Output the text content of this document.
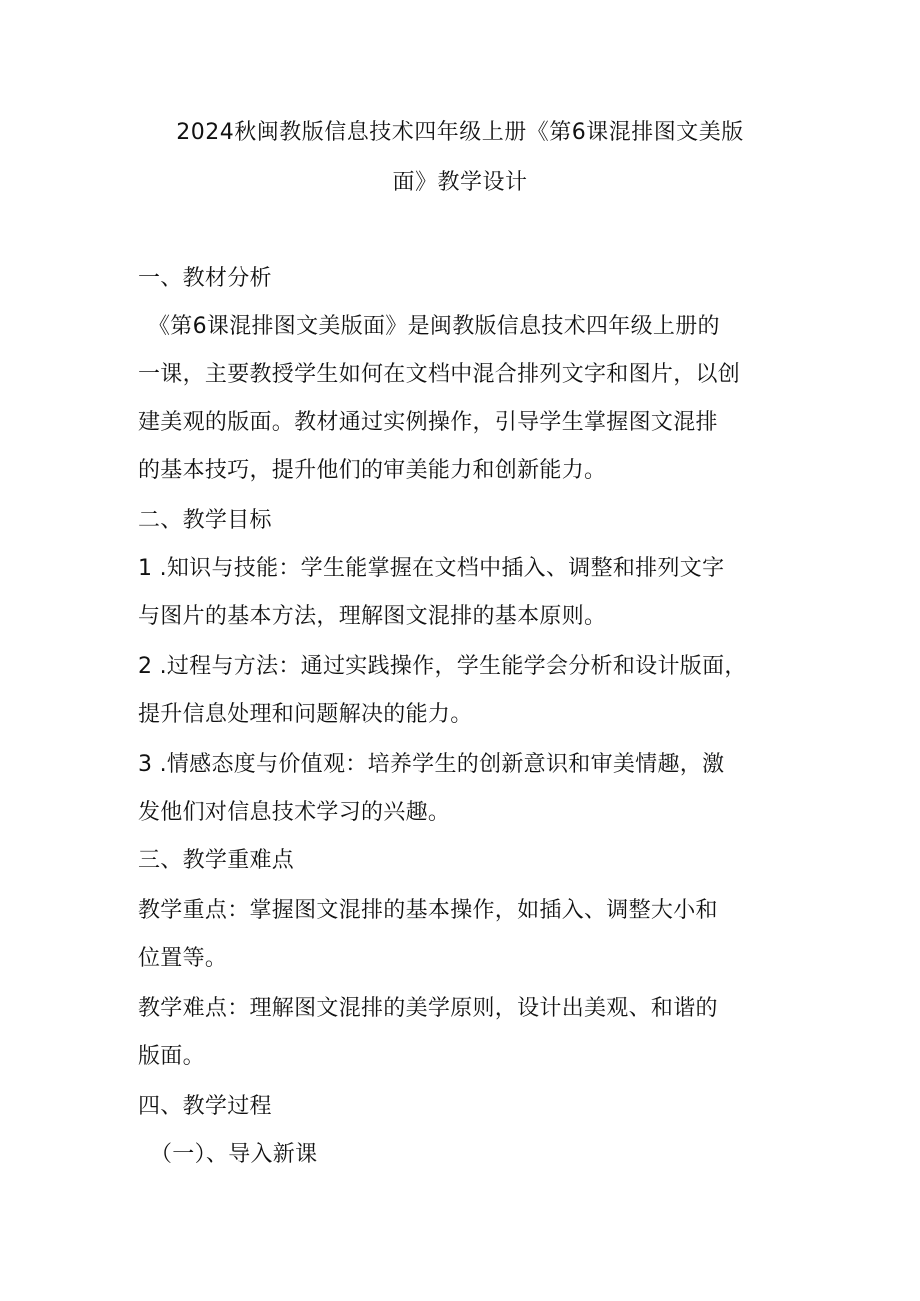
2024秋闽教版信息技术四年级上册《第6课混排图文美版
面》教学设计
一、教材分析
《第6课混排图文美版面》是闽教版信息技术四年级上册的
一课，主要教授学生如何在文档中混合排列文字和图片，以创
建美观的版面。教材通过实例操作，引导学生掌握图文混排
的基本技巧，提升他们的审美能力和创新能力。
二、教学目标
1 .知识与技能：学生能掌握在文档中插入、调整和排列文字
与图片的基本方法，理解图文混排的基本原则。
2 .过程与方法：通过实践操作，学生能学会分析和设计版面，
提升信息处理和问题解决的能力。
3 .情感态度与价值观：培养学生的创新意识和审美情趣，激
发他们对信息技术学习的兴趣。
三、教学重难点
教学重点：掌握图文混排的基本操作，如插入、调整大小和
位置等。
教学难点：理解图文混排的美学原则，设计出美观、和谐的
版面。
四、教学过程
（一）、导入新课
